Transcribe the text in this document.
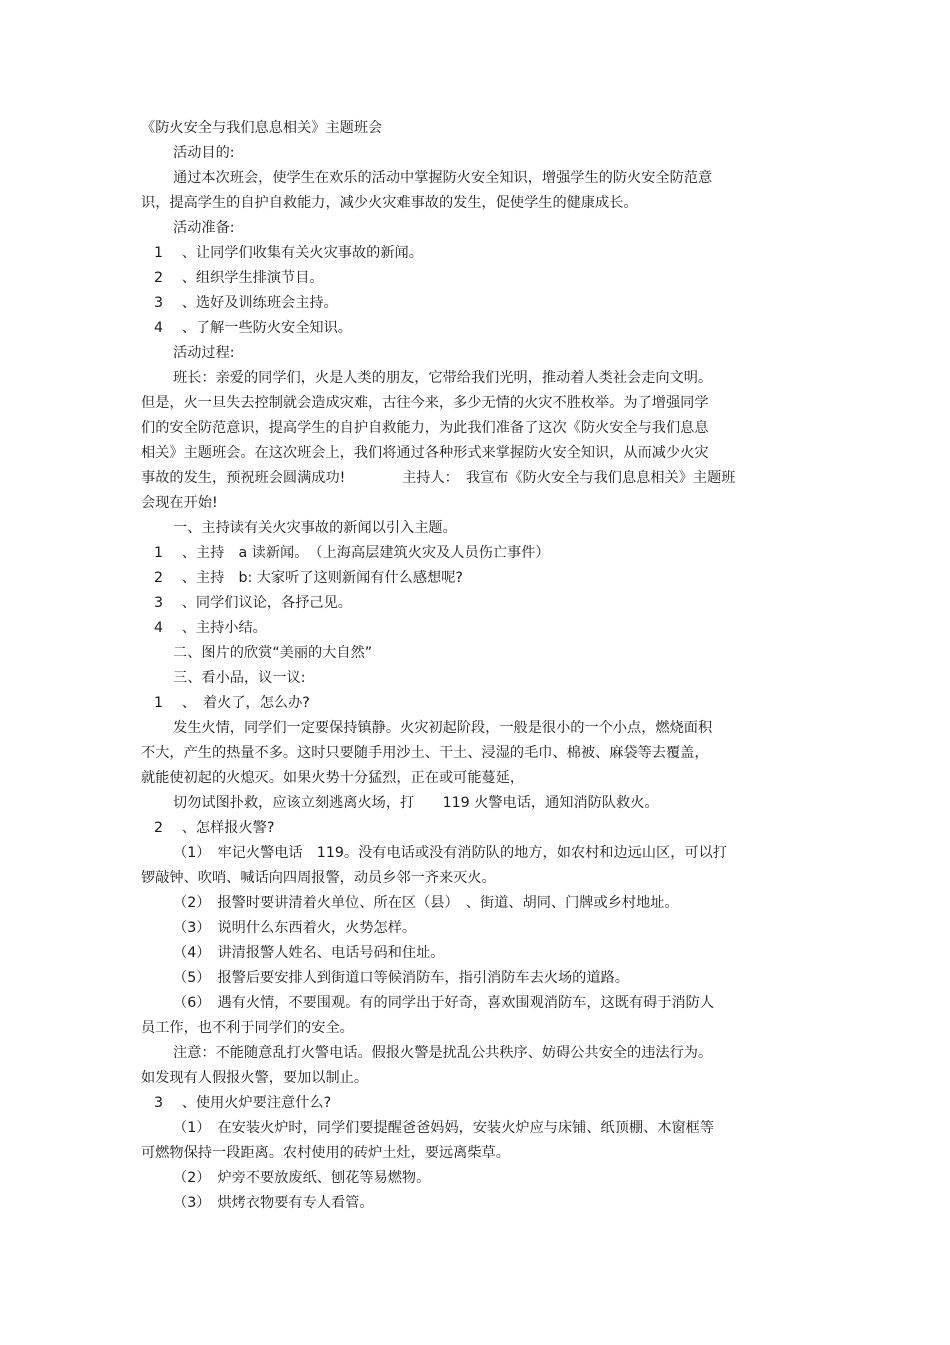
《防火安全与我们息息相关》主题班会
活动目的:
通过本次班会，使学生在欢乐的活动中掌握防火安全知识，增强学生的防火安全防范意
识，提高学生的自护自救能力，减少火灾难事故的发生，促使学生的健康成长。
活动准备:
1 　、让同学们收集有关火灾事故的新闻。
2 　、组织学生排演节目。
3 　、选好及训练班会主持。
4 　、了解一些防火安全知识。
活动过程:
班长：亲爱的同学们，火是人类的朋友，它带给我们光明，推动着人类社会走向文明。
但是，火一旦失去控制就会造成灾难，古往今来，多少无情的火灾不胜枚举。为了增强同学
们的安全防范意识，提高学生的自护自救能力，为此我们准备了这次《防火安全与我们息息
相关》主题班会。在这次班会上，我们将通过各种形式来掌握防火安全知识，从而减少火灾
事故的发生，预祝班会圆满成功!　　　　主持人：　我宣布《防火安全与我们息息相关》主题班
会现在开始!
一、主持读有关火灾事故的新闻以引入主题。
1 　、主持　a 读新闻。　（上海高层建筑火灾及人员伤亡事件）
2 　、主持　b: 大家听了这则新闻有什么感想呢?
3 　、同学们议论，各抒己见。
4 　、主持小结。
二、图片的欣赏“美丽的大自然”
三、看小品，议一议:
1 　、　着火了，怎么办?
发生火情，同学们一定要保持镇静。火灾初起阶段，一般是很小的一个小点，燃烧面积
不大，产生的热量不多。这时只要随手用沙土、干土、浸湿的毛巾、棉被、麻袋等去覆盖，
就能使初起的火熄灭。如果火势十分猛烈，正在或可能蔓延，
切勿试图扑救，应该立刻逃离火场，打　　119 火警电话，通知消防队救火。
2 　、怎样报火警?
（1）　牢记火警电话　119。没有电话或没有消防队的地方，如农村和边远山区，可以打
锣敲钟、吹哨、喊话向四周报警，动员乡邻一齐来灭火。
（2）　报警时要讲清着火单位、所在区（县）　、街道、胡同、门牌或乡村地址。
（3）　说明什么东西着火，火势怎样。
（4）　讲清报警人姓名、电话号码和住址。
（5）　报警后要安排人到街道口等候消防车，指引消防车去火场的道路。
（6）　遇有火情，不要围观。有的同学出于好奇，喜欢围观消防车，这既有碍于消防人
员工作，也不利于同学们的安全。
注意：不能随意乱打火警电话。假报火警是扰乱公共秩序、妨碍公共安全的违法行为。
如发现有人假报火警，要加以制止。
3 　、使用火炉要注意什么?
（1）　在安装火炉时，同学们要提醒爸爸妈妈，安装火炉应与床铺、纸顶棚、木窗框等
可燃物保持一段距离。农村使用的砖炉土灶，要远离柴草。
（2）　炉旁不要放废纸、刨花等易燃物。
（3）　烘烤衣物要有专人看管。
